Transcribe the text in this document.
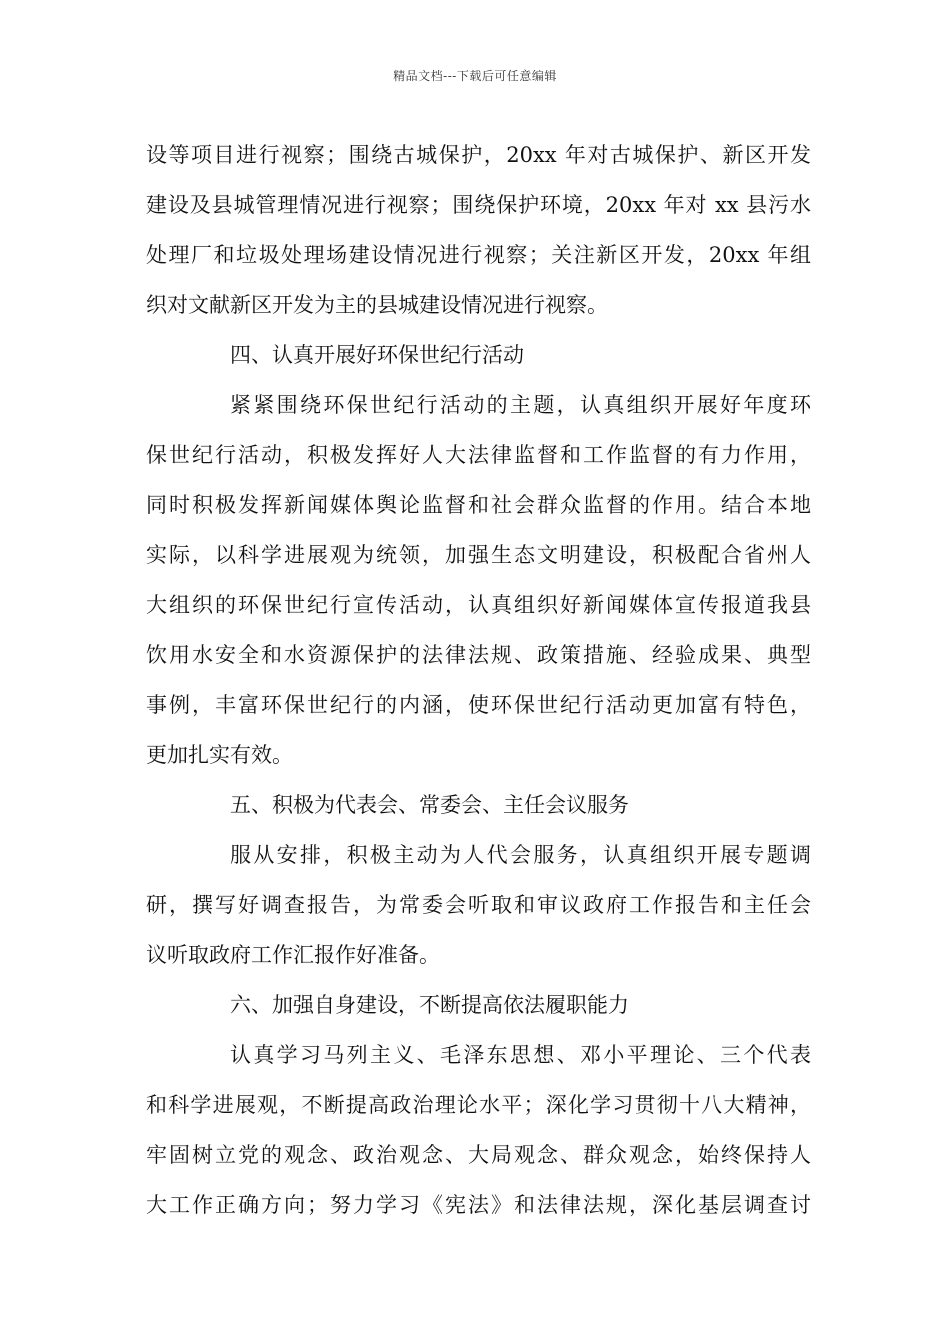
精品文档---下载后可任意编辑
设等项目进行视察；围绕古城保护，20xx 年对古城保护、新区开发
建设及县城管理情况进行视察；围绕保护环境，20xx 年对 xx 县污水
处理厂和垃圾处理场建设情况进行视察；关注新区开发，20xx 年组
织对文献新区开发为主的县城建设情况进行视察。
四、认真开展好环保世纪行活动
紧紧围绕环保世纪行活动的主题，认真组织开展好年度环
保世纪行活动，积极发挥好人大法律监督和工作监督的有力作用，
同时积极发挥新闻媒体舆论监督和社会群众监督的作用。结合本地
实际，以科学进展观为统领，加强生态文明建设，积极配合省州人
大组织的环保世纪行宣传活动，认真组织好新闻媒体宣传报道我县
饮用水安全和水资源保护的法律法规、政策措施、经验成果、典型
事例，丰富环保世纪行的内涵，使环保世纪行活动更加富有特色，
更加扎实有效。
五、积极为代表会、常委会、主任会议服务
服从安排，积极主动为人代会服务，认真组织开展专题调
研，撰写好调查报告，为常委会听取和审议政府工作报告和主任会
议听取政府工作汇报作好准备。
六、加强自身建设，不断提高依法履职能力
认真学习马列主义、毛泽东思想、邓小平理论、三个代表
和科学进展观，不断提高政治理论水平；深化学习贯彻十八大精神，
牢固树立党的观念、政治观念、大局观念、群众观念，始终保持人
大工作正确方向；努力学习《宪法》和法律法规，深化基层调查讨
